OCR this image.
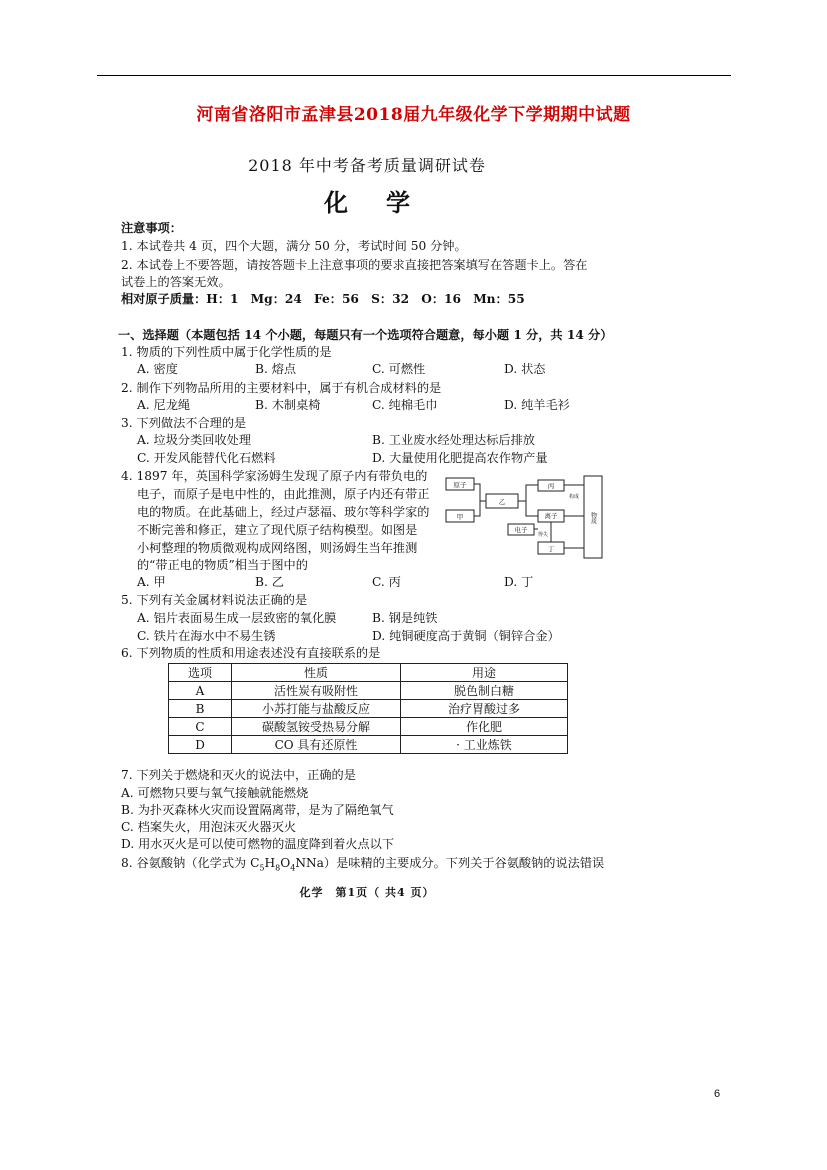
河南省洛阳市孟津县2018届九年级化学下学期期中试题
2018 年中考备考质量调研试卷
化学
注意事项：
1. 本试卷共 4 页，四个大题，满分 50 分，考试时间 50 分钟。
2. 本试卷上不要答题，请按答题卡上注意事项的要求直接把答案填写在答题卡上。答在
试卷上的答案无效。
相对原子质量：H：1　Mg：24　Fe：56　S：32　O：16　Mn：55
一、选择题（本题包括 14 个小题，每题只有一个选项符合题意，每小题 1 分，共 14 分）
1. 物质的下列性质中属于化学性质的是
A. 密度	B. 熔点	C. 可燃性	D. 状态
2. 制作下列物品所用的主要材料中，属于有机合成材料的是
A. 尼龙绳	B. 木制桌椅	C. 纯棉毛巾	D. 纯羊毛衫
3. 下列做法不合理的是
A. 垃圾分类回收处理	B. 工业废水经处理达标后排放
C. 开发风能替代化石燃料	D. 大量使用化肥提高农作物产量
4. 1897 年，英国科学家汤姆生发现了原子内有带负电的
电子，而原子是电中性的，由此推测，原子内还有带正
电的物质。在此基础上，经过卢瑟福、玻尔等科学家的
不断完善和修正，建立了现代原子结构模型。如图是
小柯整理的物质微观构成网络图，则汤姆生当年推测
的“带正电的物质”相当于图中的
A. 甲	B. 乙	C. 丙	D. 丁
原子
甲
乙
丙
离子
电子
丁
构成
得失
物质
5. 下列有关金属材料说法正确的是
A. 铝片表面易生成一层致密的氧化膜	B. 钢是纯铁
C. 铁片在海水中不易生锈	D. 纯铜硬度高于黄铜（铜锌合金）
6. 下列物质的性质和用途表述没有直接联系的是
选项	性质	用途
A	活性炭有吸附性	脱色制白糖
B	小苏打能与盐酸反应	治疗胃酸过多
C	碳酸氢铵受热易分解	作化肥
D	CO 具有还原性	· 工业炼铁
7. 下列关于燃烧和灭火的说法中，正确的是
A. 可燃物只要与氧气接触就能燃烧
B. 为扑灭森林火灾而设置隔离带，是为了隔绝氧气
C. 档案失火，用泡沫灭火器灭火
D. 用水灭火是可以使可燃物的温度降到着火点以下
8. 谷氨酸钠（化学式为 $C_5H_8O_4NNa$）是味精的主要成分。下列关于谷氨酸钠的说法错误
化学　第1页（ 共4 页）
6
